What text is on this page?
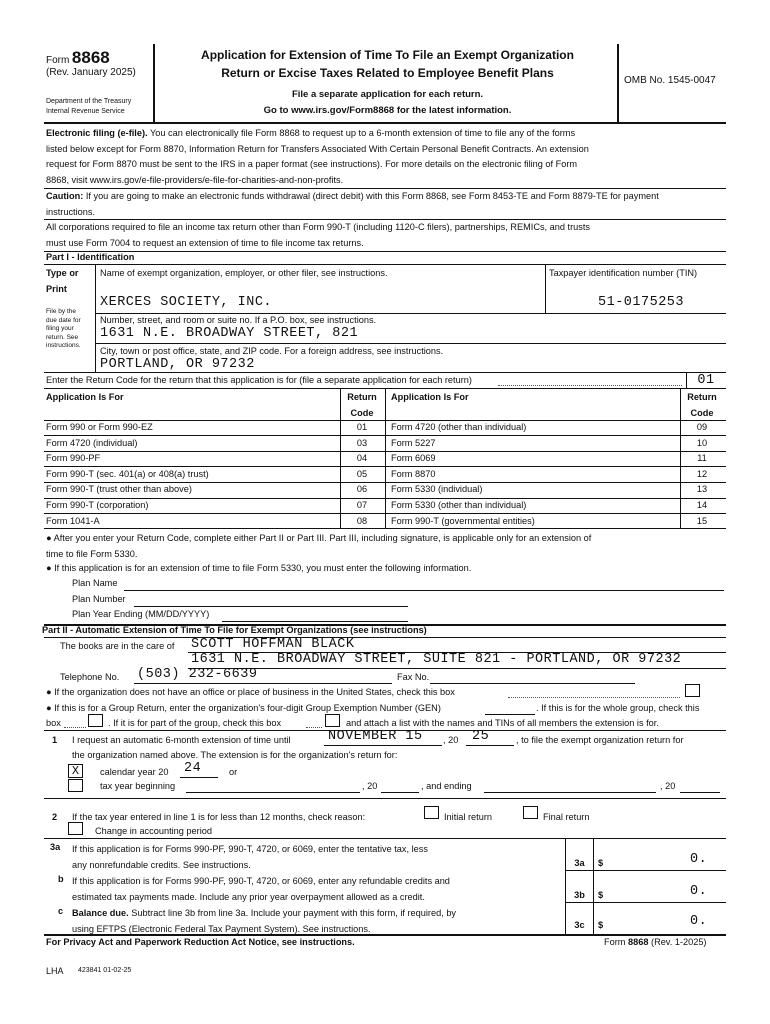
Form 8868
(Rev. January 2025)
Department of the Treasury
Internal Revenue Service
Application for Extension of Time To File an Exempt Organization
Return or Excise Taxes Related to Employee Benefit Plans
File a separate application for each return.
Go to www.irs.gov/Form8868 for the latest information.
OMB No. 1545-0047
Electronic filing (e-file). You can electronically file Form 8868 to request up to a 6-month extension of time to file any of the forms
listed below except for Form 8870, Information Return for Transfers Associated With Certain Personal Benefit Contracts. An extension
request for Form 8870 must be sent to the IRS in a paper format (see instructions). For more details on the electronic filing of Form
8868, visit www.irs.gov/e-file-providers/e-file-for-charities-and-non-profits.
Caution: If you are going to make an electronic funds withdrawal (direct debit) with this Form 8868, see Form 8453-TE and Form 8879-TE for payment
instructions.
All corporations required to file an income tax return other than Form 990-T (including 1120-C filers), partnerships, REMICs, and trusts
must use Form 7004 to request an extension of time to file income tax returns.
Part I - Identification
Type or
Print
File by the
due date for
filing your
return. See
instructions.
Name of exempt organization, employer, or other filer, see instructions.	Taxpayer identification number (TIN)
XERCES SOCIETY, INC.	51-0175253
Number, street, and room or suite no. If a P.O. box, see instructions.
1631 N.E. BROADWAY STREET, 821
City, town or post office, state, and ZIP code. For a foreign address, see instructions.
PORTLAND, OR 97232
Enter the Return Code for the return that this application is for (file a separate application for each return)	01
Application Is For	Return
Code
Application Is For	Return
Code
Form 990 or Form 990-EZ	01	Form 4720 (other than individual)	09
Form 4720 (individual)	03	Form 5227	10
Form 990-PF	04	Form 6069	11
Form 990-T (sec. 401(a) or 408(a) trust)	05	Form 8870	12
Form 990-T (trust other than above)	06	Form 5330 (individual)	13
Form 990-T (corporation)	07	Form 5330 (other than individual)	14
Form 1041-A	08	Form 990-T (governmental entities)	15
● After you enter your Return Code, complete either Part II or Part III. Part III, including signature, is applicable only for an extension of
time to file Form 5330.
● If this application is for an extension of time to file Form 5330, you must enter the following information.
Plan Name
Plan Number
Plan Year Ending (MM/DD/YYYY)
Part II - Automatic Extension of Time To File for Exempt Organizations (see instructions)
The books are in the care of SCOTT HOFFMAN BLACK
1631 N.E. BROADWAY STREET, SUITE 821 - PORTLAND, OR 97232
Telephone No. (503) 232-6639	Fax No.
● If the organization does not have an office or place of business in the United States, check this box
● If this is for a Group Return, enter the organization's four-digit Group Exemption Number (GEN)	. If this is for the whole group, check this
box	. If it is for part of the group, check this box	and attach a list with the names and TINs of all members the extension is for.
1 I request an automatic 6-month extension of time until	NOVEMBER 15 , 20 25	, to file the exempt organization return for
the organization named above. The extension is for the organization's return for:
X	calendar year 20 24	or
tax year beginning	, 20	, and ending	, 20
2 If the tax year entered in line 1 is for less than 12 months, check reason:	Initial return	Final return
Change in accounting period
3a If this application is for Forms 990-PF, 990-T, 4720, or 6069, enter the tentative tax, less
any nonrefundable credits. See instructions.	3a	$	0.
b If this application is for Forms 990-PF, 990-T, 4720, or 6069, enter any refundable credits and
estimated tax payments made. Include any prior year overpayment allowed as a credit.	3b	$	0.
c Balance due. Subtract line 3b from line 3a. Include your payment with this form, if required, by
using EFTPS (Electronic Federal Tax Payment System). See instructions.	3c	$	0.
For Privacy Act and Paperwork Reduction Act Notice, see instructions.	Form 8868 (Rev. 1-2025)
LHA 423841 01-02-25
